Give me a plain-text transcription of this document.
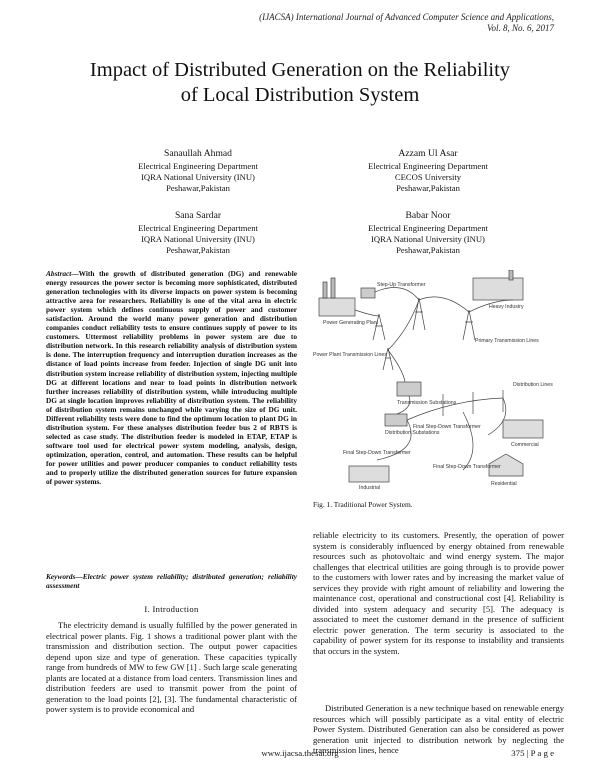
(IJACSA) International Journal of Advanced Computer Science and Applications,
Vol. 8, No. 6, 2017
Impact of Distributed Generation on the Reliability
of Local Distribution System
Sanaullah Ahmad
Electrical Engineering Department
IQRA National University (INU)
Peshawar,Pakistan
Azzam Ul Asar
Electrical Engineering Department
CECOS University
Peshawar,Pakistan
Sana Sardar
Electrical Engineering Department
IQRA National University (INU)
Peshawar,Pakistan
Babar Noor
Electrical Engineering Department
IQRA National University (INU)
Peshawar,Pakistan
Abstract—With the growth of distributed generation (DG) and renewable energy resources the power sector is becoming more sophisticated, distributed generation technologies with its diverse impacts on power system is becoming attractive area for researchers. Reliability is one of the vital area in electric power system which defines continuous supply of power and customer satisfaction. Around the world many power generation and distribution companies conduct reliability tests to ensure continues supply of power to its customers. Uttermost reliability problems in power system are due to distribution network. In this research reliability analysis of distribution system is done. The interruption frequency and interruption duration increases as the distance of load points increase from feeder. Injection of single DG unit into distribution system increase reliability of distribution system, injecting multiple DG at different locations and near to load points in distribution network further increases reliability of distribution system, while introducing multiple DG at single location improves reliability of distribution system. The reliability of distribution system remains unchanged while varying the size of DG unit. Different reliability tests were done to find the optimum location to plant DG in distribution system. For these analyses distribution feeder bus 2 of RBTS is selected as case study. The distribution feeder is modeled in ETAP, ETAP is software tool used for electrical power system modeling, analysis, design, optimization, operation, control, and automation. These results can be helpful for power utilities and power producer companies to conduct reliability tests and to properly utilize the distributed generation sources for future expansion of power systems.
Keywords—Electric power system reliability; distributed generation; reliability assessment
I. Introduction

The electricity demand is usually fulfilled by the power generated in electrical power plants. Fig. 1 shows a traditional power plant with the transmission and distribution section. The output power capacities depend upon size and type of generation. These capacities typically range from hundreds of MW to few GW [1] . Such large scale generating plants are located at a distance from load centers. Transmission lines and distribution feeders are used to transmit power from the point of generation to the load points [2], [3]. The fundamental characteristic of power system is to provide economical and

Step-Up Transformer
Power Generating Plant
Heavy Industry
Power Plant Transmission Lines
Primary Transmission Lines
Transmission Substations
Distribution Substations
Distribution Lines
Final Step-Down Transformer
Commercial
Final Step-Down Transformer
Industrial
Final Step-Down Transformer
Residential
Fig. 1. Traditional Power System.

reliable electricity to its customers. Presently, the operation of power system is considerably influenced by energy obtained from renewable resources such as photovoltaic and wind energy system. The major challenges that electrical utilities are going through is to provide power to the customers with lower rates and by increasing the market value of services they provide with right amount of reliability and lowering the maintenance cost, operational and constructional cost [4]. Reliability is divided into system adequacy and security [5]. The adequacy is associated to meet the customer demand in the presence of sufficient electric power generation. The term security is associated to the capability of power system for its response to instability and transients that occurs in the system.

Distributed Generation is a new technique based on renewable energy resources which will possibly participate as a vital entity of electric Power System. Distributed Generation can also be considered as power generation unit injected to distribution network by neglecting the transmission lines, hence

www.ijacsa.thesai.org	375 | P a g e
